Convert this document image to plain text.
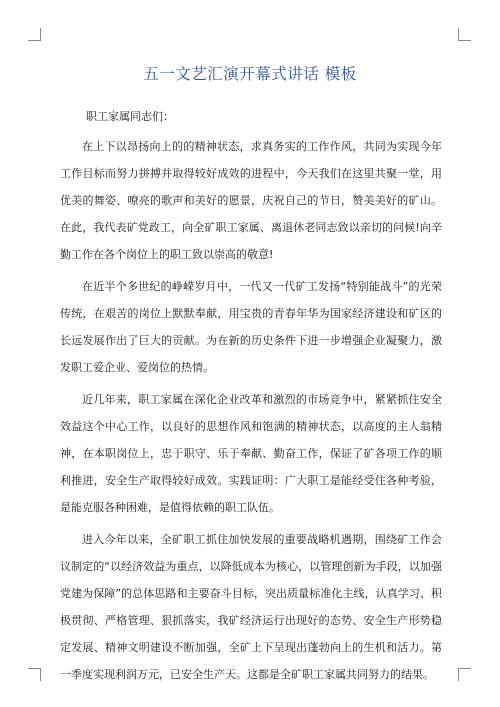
五一文艺汇演开幕式讲话 模板
职工家属同志们：

在上下以昂扬向上的的精神状态，求真务实的工作作风，共同为实现今年工作目标而努力拼搏并取得较好成效的进程中，今天我们在这里共聚一堂，用优美的舞姿、嘹亮的歌声和美好的愿景，庆祝自己的节日，赞美美好的矿山。在此，我代表矿党政工，向全矿职工家属、离退休老同志致以亲切的问候!向辛勤工作在各个岗位上的职工致以崇高的敬意!

在近半个多世纪的峥嵘岁月中，一代又一代矿工发扬“特别能战斗”的光荣传统，在艰苦的岗位上默默奉献，用宝贵的青春年华为国家经济建设和矿区的长远发展作出了巨大的贡献。为在新的历史条件下进一步增强企业凝聚力，激发职工爱企业、爱岗位的热情。

近几年来，职工家属在深化企业改革和激烈的市场竞争中，紧紧抓住安全效益这个中心工作，以良好的思想作风和饱满的精神状态，以高度的主人翁精神，在本职岗位上，忠于职守、乐于奉献、勤奋工作，保证了矿各项工作的顺利推进，安全生产取得较好成效。实践证明：广大职工是能经受住各种考验，是能克服各种困难，是值得依赖的职工队伍。

进入今年以来，全矿职工抓住加快发展的重要战略机遇期，围绕矿工作会议制定的“以经济效益为重点，以降低成本为核心，以管理创新为手段，以加强党建为保障”的总体思路和主要奋斗目标，突出质量标准化主线，认真学习、积极贯彻、严格管理、狠抓落实，我矿经济运行出现好的态势、安全生产形势稳定发展、精神文明建设不断加强，全矿上下呈现出蓬勃向上的生机和活力。第一季度实现利润万元，已安全生产天。这都是全矿职工家属共同努力的结果。
